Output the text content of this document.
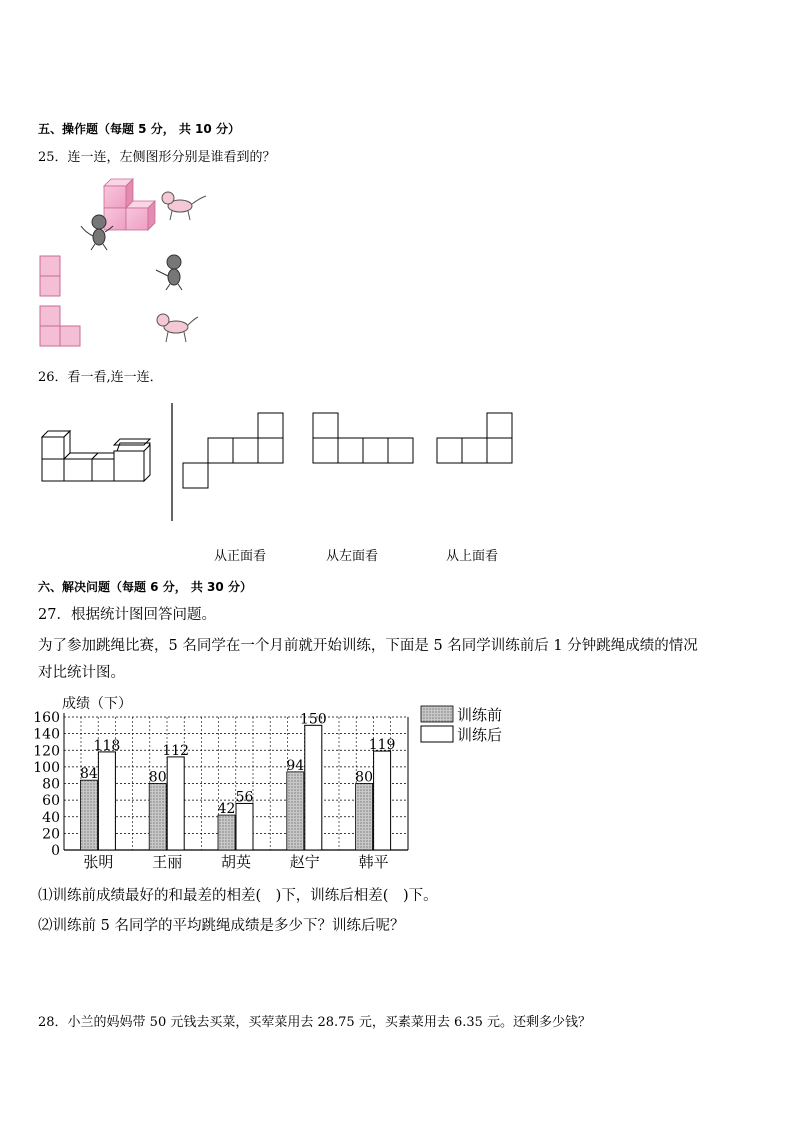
五、操作题（每题 5 分， 共 10 分）
25．连一连，左侧图形分别是谁看到的？
26．看一看,连一连．
从正面看	从左面看	从上面看
六、解决问题（每题 6 分， 共 30 分）
27．根据统计图回答问题。
为了参加跳绳比赛，5 名同学在一个月前就开始训练，下面是 5 名同学训练前后 1 分钟跳绳成绩的情况
对比统计图。
成绩（下）
0
20
40
60
80
100
120
140
160
84
118
张明
80
112
王丽
42
56
胡英
94
150
赵宁
80
119
韩平
训练前
训练后
⑴训练前成绩最好的和最差的相差(　)下，训练后相差(　)下。
⑵训练前 5 名同学的平均跳绳成绩是多少下？训练后呢？
28．小兰的妈妈带 50 元钱去买菜，买荤菜用去 28.75 元，买素菜用去 6.35 元。还剩多少钱？
